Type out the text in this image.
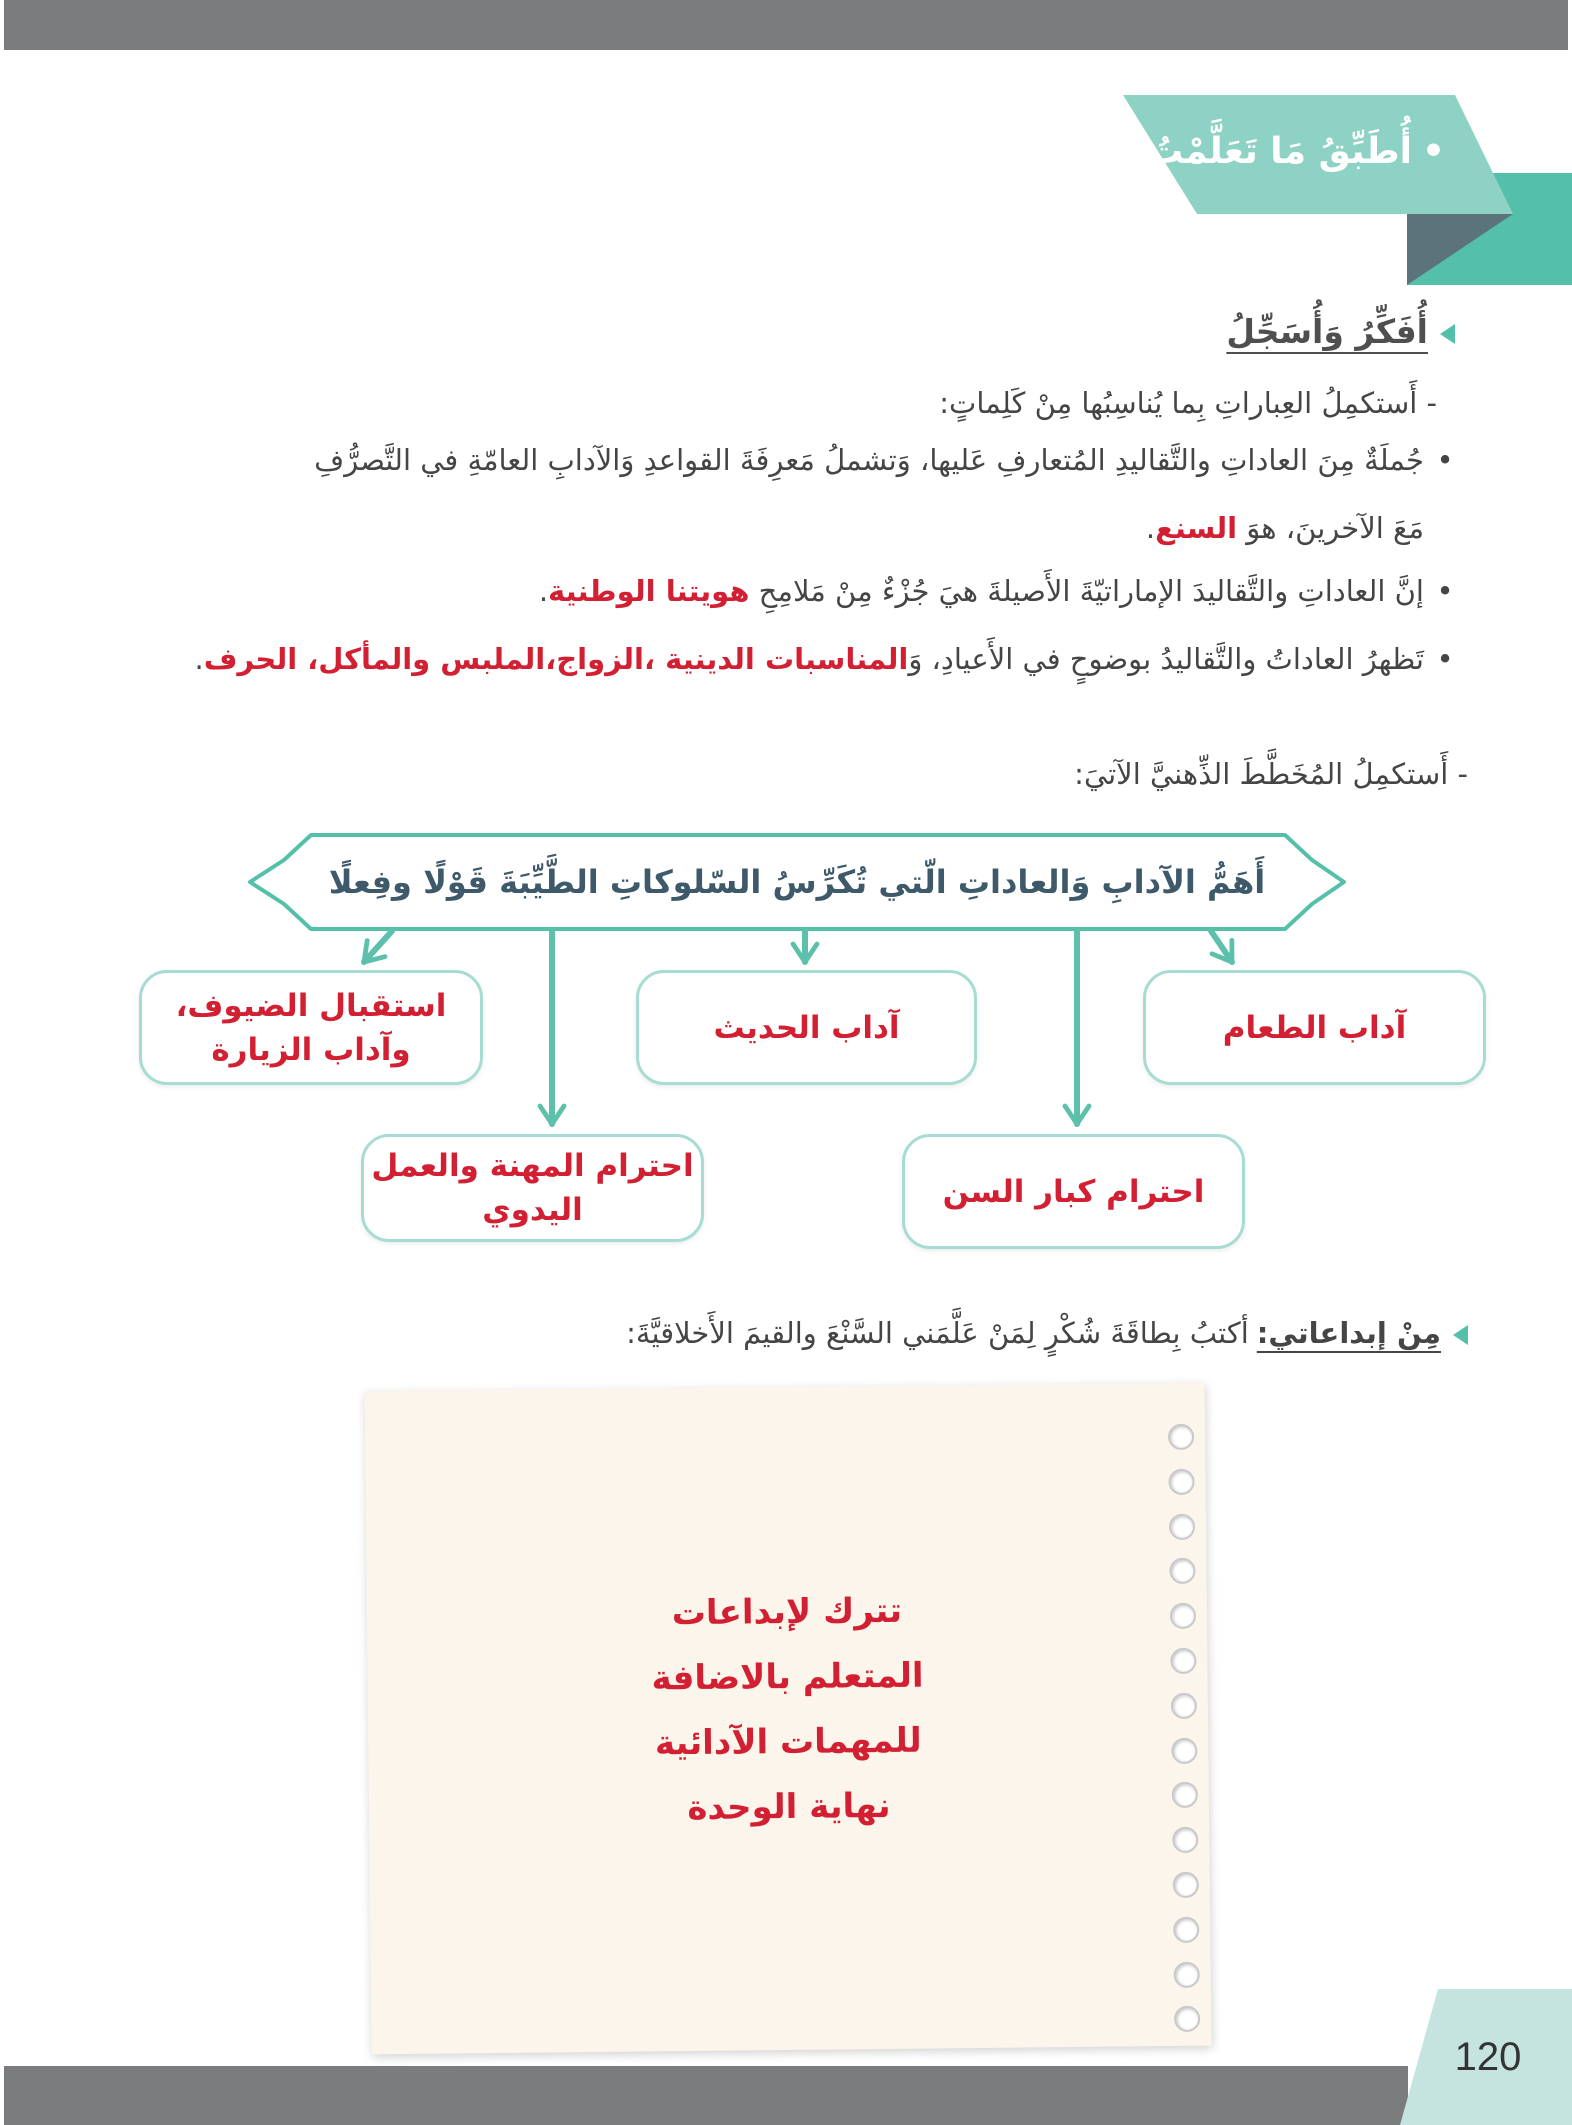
•أُطَبِّقُ مَا تَعَلَّمْتُ
أُفَكِّرُ وَأُسَجِّلُ
- أَستكمِلُ العِباراتِ بِما يُناسِبُها مِنْ كَلِماتٍ:
•جُملَةٌ مِنَ العاداتِ والتَّقاليدِ المُتعارفِ عَليها، وَتشملُ مَعرِفَةَ القواعدِ وَالآدابِ العامّةِ في التَّصرُّفِ
مَعَ الآخرينَ، هوَ السنع.
•إنَّ العاداتِ والتَّقاليدَ الإماراتيّةَ الأَصيلةَ هيَ جُزْءٌ مِنْ مَلامِحِ هويتنا الوطنية.
•تَظهرُ العاداتُ والتَّقاليدُ بوضوحٍ في الأَعيادِ، وَالمناسبات الدينية ،الزواج،الملبس والمأكل، الحرف.
- أَستكمِلُ المُخَطَّطَ الذِّهنيَّ الآتيَ:
أَهَمُّ الآدابِ وَالعاداتِ الّتي تُكَرِّسُ السّلوكاتِ الطَّيِّبَةَ قَوْلًا وفِعلًا
آداب الطعام
آداب الحديث
استقبال الضيوف،
وآداب الزيارة
احترام كبار السن
احترام المهنة والعمل
اليدوي
مِنْ إبداعاتي:أكتبُ بِطاقَةَ شُكْرٍ لِمَنْ عَلَّمَني السَّنْعَ والقيمَ الأَخلاقيَّةَ:
تترك لإبداعات
المتعلم بالاضافة
للمهمات الآدائية
نهاية الوحدة
120
